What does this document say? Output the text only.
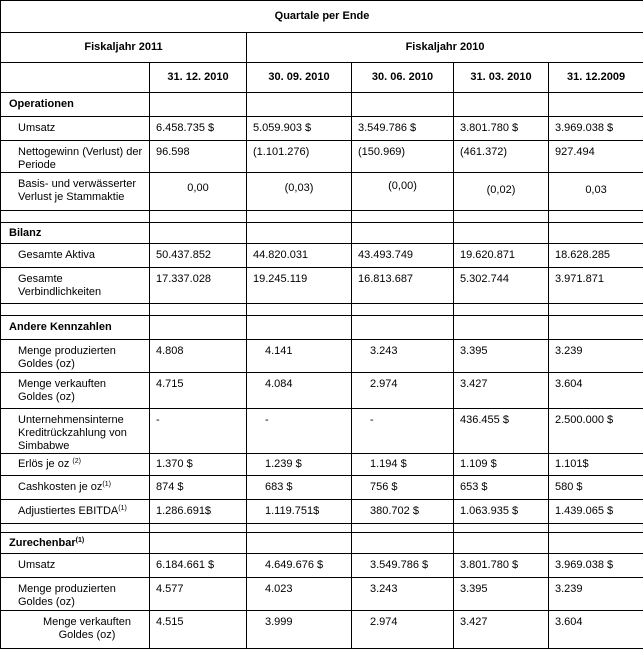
Quartale per Ende					
Fiskaljahr 2011		Fiskaljahr 2010			
	31. 12. 2010	30. 09. 2010	30. 06. 2010	31. 03. 2010	31. 12.2009
Operationen					
Umsatz	6.458.735 $	5.059.903 $	3.549.786 $	3.801.780 $	3.969.038 $
Nettogewinn (Verlust) der Periode	96.598	(1.101.276)	(150.969)	(461.372)	927.494
Basis- und verwässerter Verlust je Stammaktie	0,00	(0,03)	(0,00)	(0,02)	0,03

Bilanz					
Gesamte Aktiva	50.437.852	44.820.031	43.493.749	19.620.871	18.628.285
Gesamte Verbindlichkeiten	17.337.028	19.245.119	16.813.687	5.302.744	3.971.871

Andere Kennzahlen					
Menge produzierten Goldes (oz)	4.808	4.141	3.243	3.395	3.239
Menge verkauften Goldes (oz)	4.715	4.084	2.974	3.427	3.604
Unternehmensinterne Kreditrückzahlung von Simbabwe	-	-	-	436.455 $	2.500.000 $
Erlös je oz $^{(2)}$	1.370 $	1.239 $	1.194 $	1.109 $	1.101$
Cashkosten je $oz^{(1)}$	874 $	683 $	756 $	653 $	580 $
Adjustiertes EBITDA$^{(1)}$	1.286.691$	1.119.751$	380.702 $	1.063.935 $	1.439.065 $

Zurechenbar$^{(1)}$					
Umsatz	6.184.661 $	4.649.676 $	3.549.786 $	3.801.780 $	3.969.038 $
Menge produzierten Goldes (oz)	4.577	4.023	3.243	3.395	3.239
Menge verkauften Goldes (oz)	4.515	3.999	2.974	3.427	3.604
